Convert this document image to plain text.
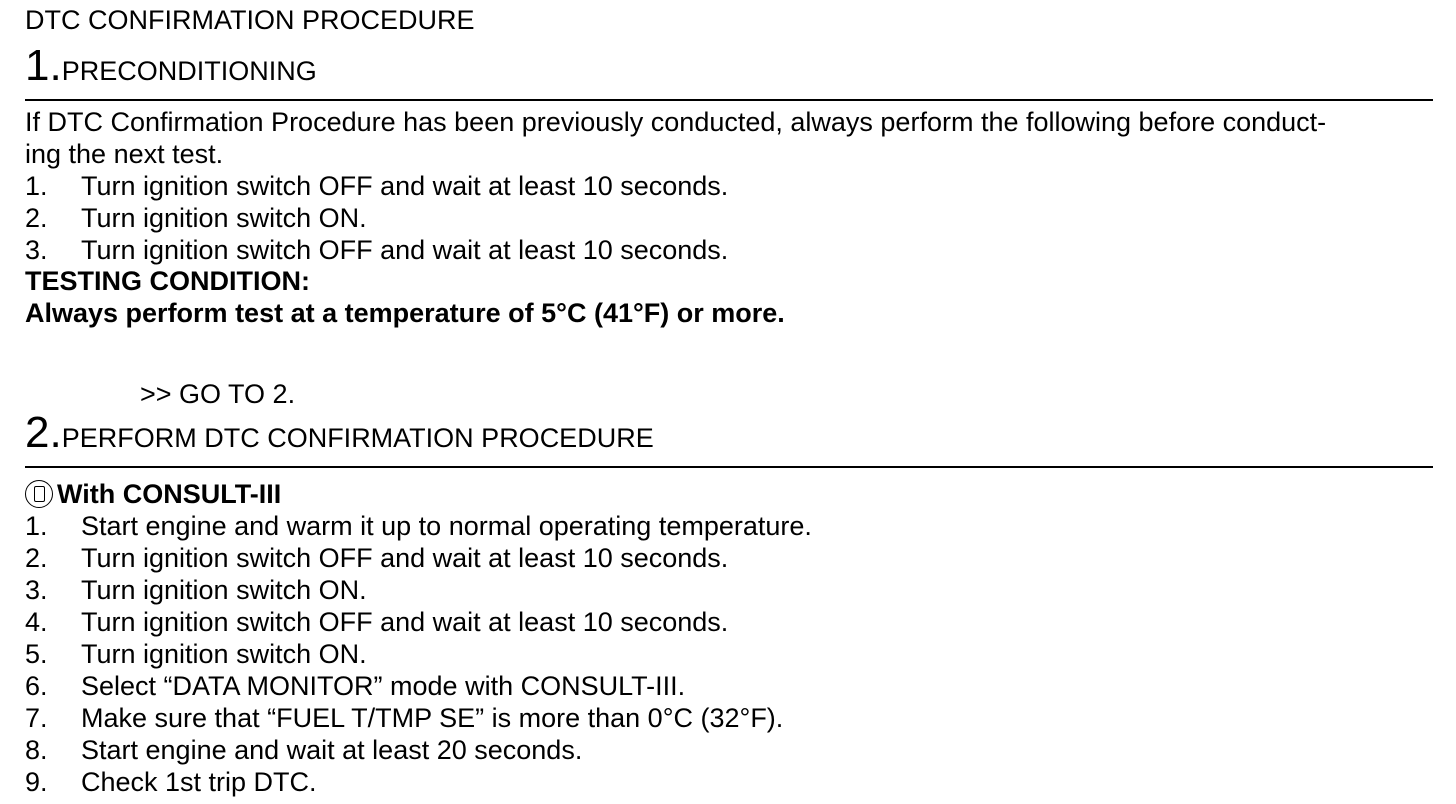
DTC CONFIRMATION PROCEDURE
1.PRECONDITIONING
If DTC Confirmation Procedure has been previously conducted, always perform the following before conduct-
ing the next test.
1. Turn ignition switch OFF and wait at least 10 seconds.
2. Turn ignition switch ON.
3. Turn ignition switch OFF and wait at least 10 seconds.
TESTING CONDITION:
Always perform test at a temperature of 5°C (41°F) or more.
>> GO TO 2.
2.PERFORM DTC CONFIRMATION PROCEDURE
With CONSULT-III
1. Start engine and warm it up to normal operating temperature.
2. Turn ignition switch OFF and wait at least 10 seconds.
3. Turn ignition switch ON.
4. Turn ignition switch OFF and wait at least 10 seconds.
5. Turn ignition switch ON.
6. Select “DATA MONITOR” mode with CONSULT-III.
7. Make sure that “FUEL T/TMP SE” is more than 0°C (32°F).
8. Start engine and wait at least 20 seconds.
9. Check 1st trip DTC.
